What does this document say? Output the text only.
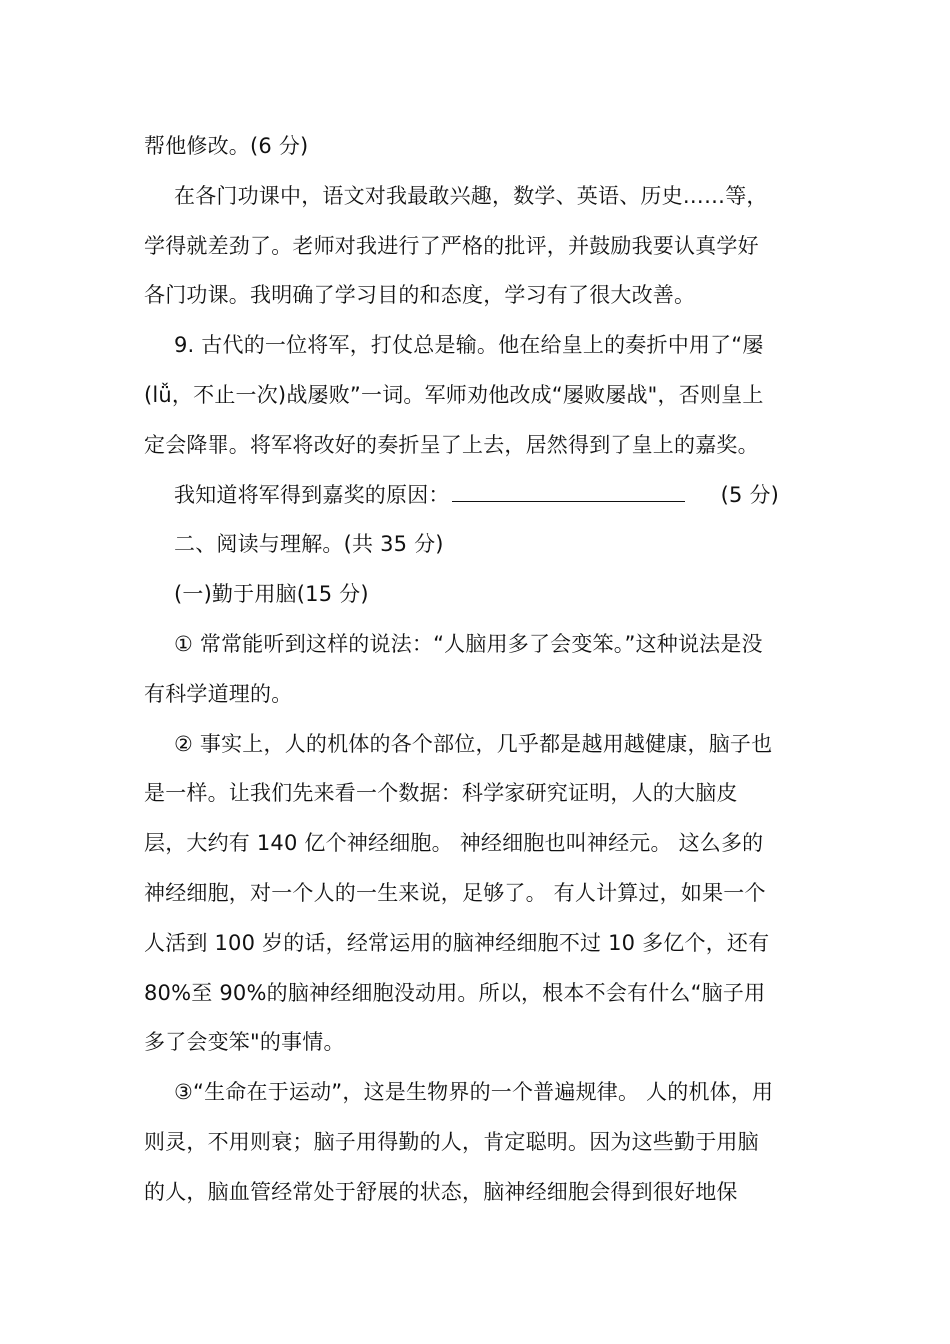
帮他修改。(6 分)

在各门功课中，语文对我最敢兴趣，数学、英语、历史……等，

学得就差劲了。老师对我进行了严格的批评，并鼓励我要认真学好

各门功课。我明确了学习目的和态度，学习有了很大改善。

9. 古代的一位将军，打仗总是输。他在给皇上的奏折中用了“屡

(lǚ，不止一次)战屡败”一词。军师劝他改成“屡败屡战"，否则皇上

定会降罪。将军将改好的奏折呈了上去，居然得到了皇上的嘉奖。

我知道将军得到嘉奖的原因：	(5 分)

二、阅读与理解。(共 35 分)

(一)勤于用脑(15 分)

① 常常能听到这样的说法：“人脑用多了会变笨。”这种说法是没

有科学道理的。

② 事实上，人的机体的各个部位，几乎都是越用越健康，脑子也

是一样。让我们先来看一个数据：科学家研究证明，人的大脑皮

层，大约有 140 亿个神经细胞。 神经细胞也叫神经元。 这么多的

神经细胞，对一个人的一生来说，足够了。 有人计算过，如果一个

人活到 100 岁的话，经常运用的脑神经细胞不过 10 多亿个，还有

80%至 90%的脑神经细胞没动用。所以，根本不会有什么“脑子用

多了会变笨"的事情。

③“生命在于运动”，这是生物界的一个普遍规律。 人的机体，用

则灵，不用则衰；脑子用得勤的人，肯定聪明。因为这些勤于用脑

的人，脑血管经常处于舒展的状态，脑神经细胞会得到很好地保
